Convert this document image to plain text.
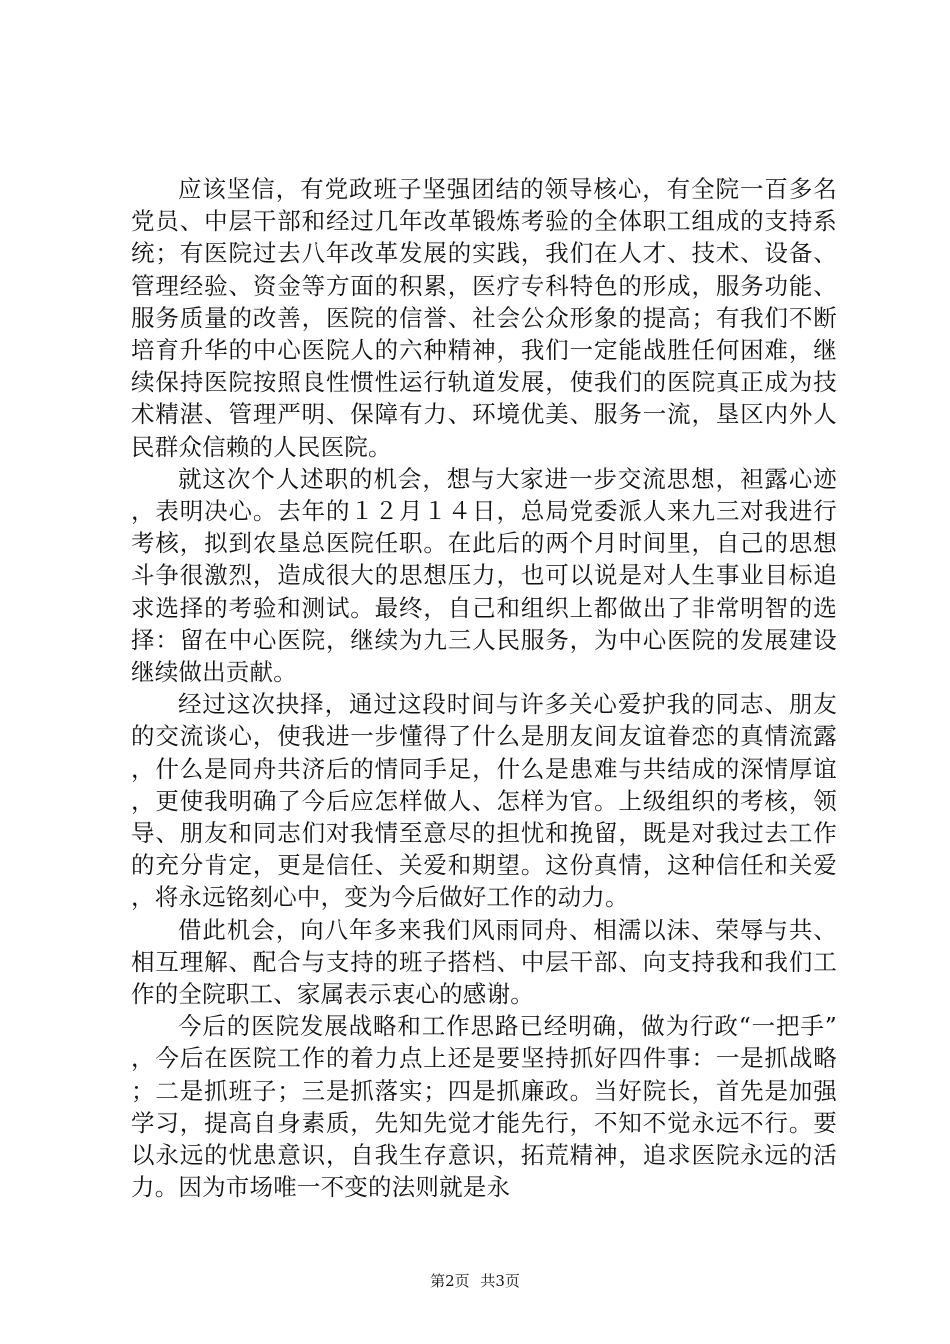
应该坚信，有党政班子坚强团结的领导核心，有全院一百多名党员、中层干部和经过几年改革锻炼考验的全体职工组成的支持系统；有医院过去八年改革发展的实践，我们在人才、技术、设备、管理经验、资金等方面的积累，医疗专科特色的形成，服务功能、服务质量的改善，医院的信誉、社会公众形象的提高；有我们不断培育升华的中心医院人的六种精神，我们一定能战胜任何困难，继续保持医院按照良性惯性运行轨道发展，使我们的医院真正成为技术精湛、管理严明、保障有力、环境优美、服务一流，垦区内外人民群众信赖的人民医院。

就这次个人述职的机会，想与大家进一步交流思想，袒露心迹，表明决心。去年的１２月１４日，总局党委派人来九三对我进行考核，拟到农垦总医院任职。在此后的两个月时间里，自己的思想斗争很激烈，造成很大的思想压力，也可以说是对人生事业目标追求选择的考验和测试。最终，自己和组织上都做出了非常明智的选择：留在中心医院，继续为九三人民服务，为中心医院的发展建设继续做出贡献。

经过这次抉择，通过这段时间与许多关心爱护我的同志、朋友的交流谈心，使我进一步懂得了什么是朋友间友谊眷恋的真情流露，什么是同舟共济后的情同手足，什么是患难与共结成的深情厚谊，更使我明确了今后应怎样做人、怎样为官。上级组织的考核，领导、朋友和同志们对我情至意尽的担忧和挽留，既是对我过去工作的充分肯定，更是信任、关爱和期望。这份真情，这种信任和关爱，将永远铭刻心中，变为今后做好工作的动力。

借此机会，向八年多来我们风雨同舟、相濡以沫、荣辱与共、相互理解、配合与支持的班子搭档、中层干部、向支持我和我们工作的全院职工、家属表示衷心的感谢。

今后的医院发展战略和工作思路已经明确，做为行政“一把手”，今后在医院工作的着力点上还是要坚持抓好四件事：一是抓战略；二是抓班子；三是抓落实；四是抓廉政。当好院长，首先是加强学习，提高自身素质，先知先觉才能先行，不知不觉永远不行。要以永远的忧患意识，自我生存意识，拓荒精神，追求医院永远的活力。因为市场唯一不变的法则就是永

第2页 共3页
